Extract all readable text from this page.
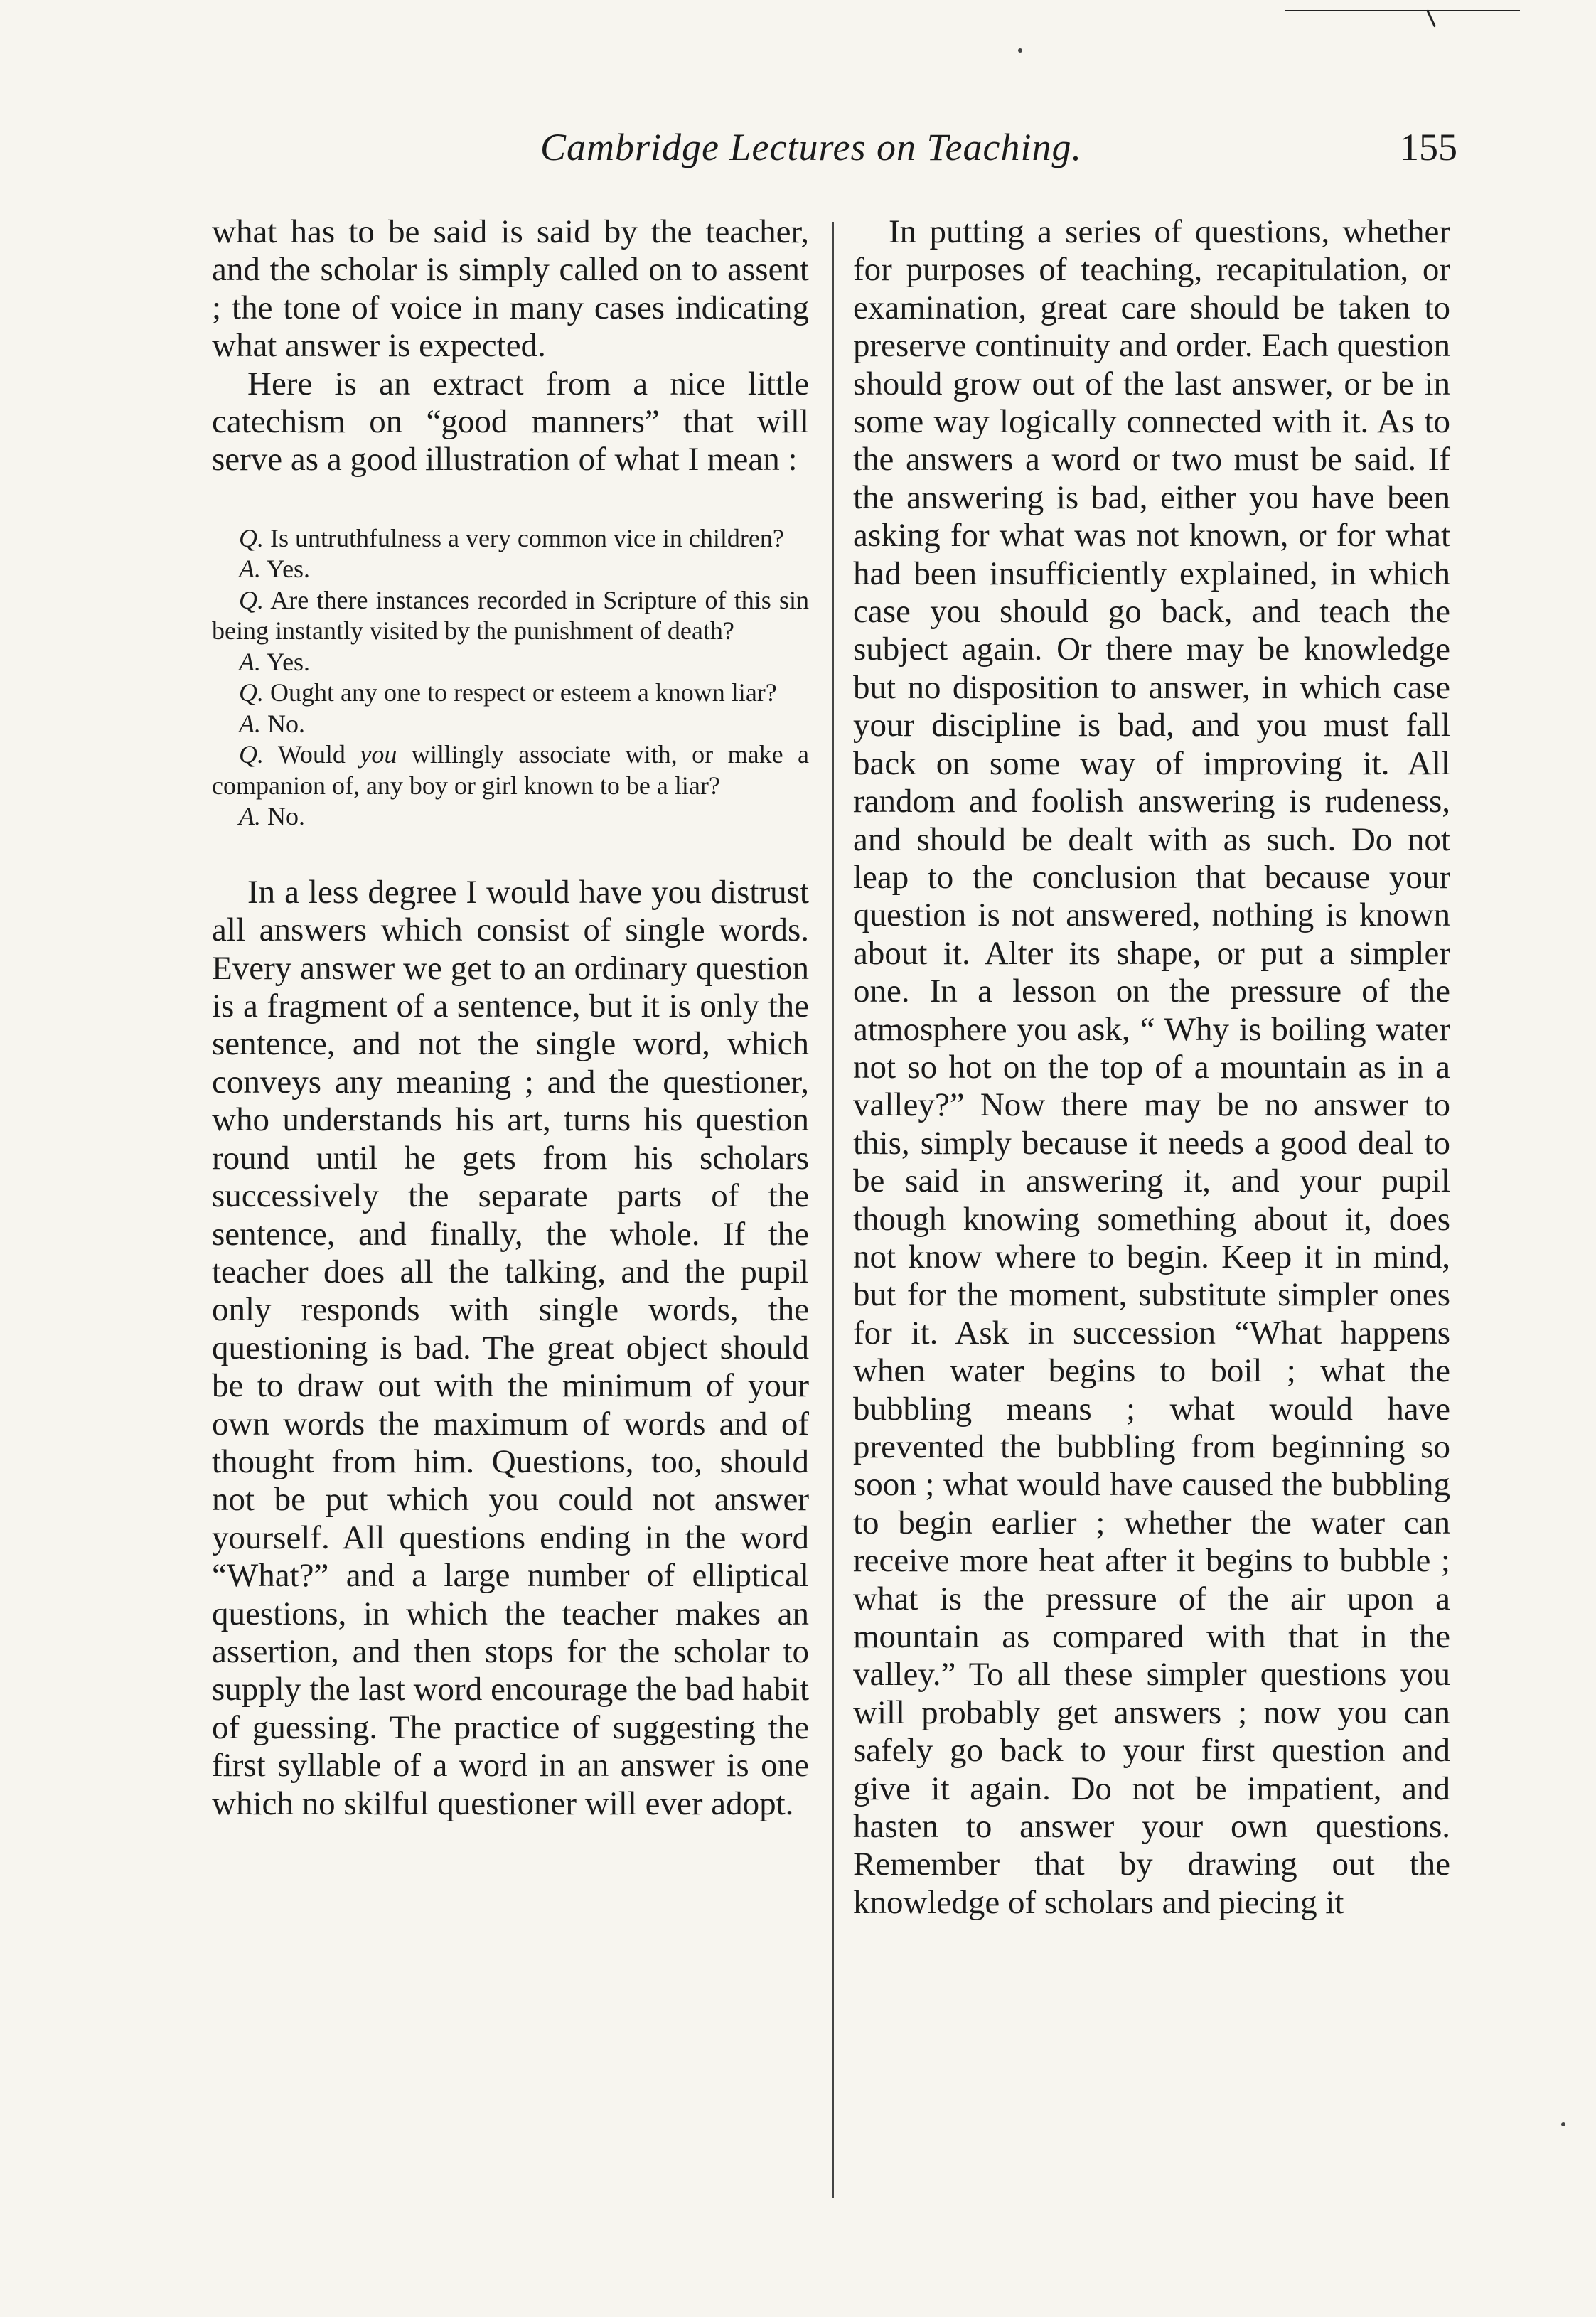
Cambridge Lectures on Teaching.	155

what has to be said is said by the teacher, and the scholar is simply called on to assent ; the tone of voice in many cases indicating what answer is expected.

Here is an extract from a nice little catechism on “good manners” that will serve as a good illustration of what I mean :

Q. Is untruthfulness a very common vice in children?
A. Yes.
Q. Are there instances recorded in Scripture of this sin being instantly visited by the punishment of death?
A. Yes.
Q. Ought any one to respect or esteem a known liar?
A. No.
Q. Would you willingly associate with, or make a companion of, any boy or girl known to be a liar?
A. No.

In a less degree I would have you distrust all answers which consist of single words. Every answer we get to an ordinary question is a fragment of a sentence, but it is only the sentence, and not the single word, which conveys any meaning ; and the questioner, who understands his art, turns his question round until he gets from his scholars successively the separate parts of the sentence, and finally, the whole. If the teacher does all the talking, and the pupil only responds with single words, the questioning is bad. The great object should be to draw out with the minimum of your own words the maximum of words and of thought from him. Questions, too, should not be put which you could not answer yourself. All questions ending in the word “What?” and a large number of elliptical questions, in which the teacher makes an assertion, and then stops for the scholar to supply the last word encourage the bad habit of guessing. The practice of suggesting the first syllable of a word in an answer is one which no skilful questioner will ever adopt.

In putting a series of questions, whether for purposes of teaching, recapitulation, or examination, great care should be taken to preserve continuity and order. Each question should grow out of the last answer, or be in some way logically connected with it. As to the answers a word or two must be said. If the answering is bad, either you have been asking for what was not known, or for what had been insufficiently explained, in which case you should go back, and teach the subject again. Or there may be knowledge but no disposition to answer, in which case your discipline is bad, and you must fall back on some way of improving it. All random and foolish answering is rudeness, and should be dealt with as such. Do not leap to the conclusion that because your question is not answered, nothing is known about it. Alter its shape, or put a simpler one. In a lesson on the pressure of the atmosphere you ask, “ Why is boiling water not so hot on the top of a mountain as in a valley?” Now there may be no answer to this, simply because it needs a good deal to be said in answering it, and your pupil though knowing something about it, does not know where to begin. Keep it in mind, but for the moment, substitute simpler ones for it. Ask in succession “What happens when water begins to boil ; what the bubbling means ; what would have prevented the bubbling from beginning so soon ; what would have caused the bubbling to begin earlier ; whether the water can receive more heat after it begins to bubble ; what is the pressure of the air upon a mountain as compared with that in the valley.” To all these simpler questions you will probably get answers ; now you can safely go back to your first question and give it again. Do not be impatient, and hasten to answer your own questions. Remember that by drawing out the knowledge of scholars and piecing it
